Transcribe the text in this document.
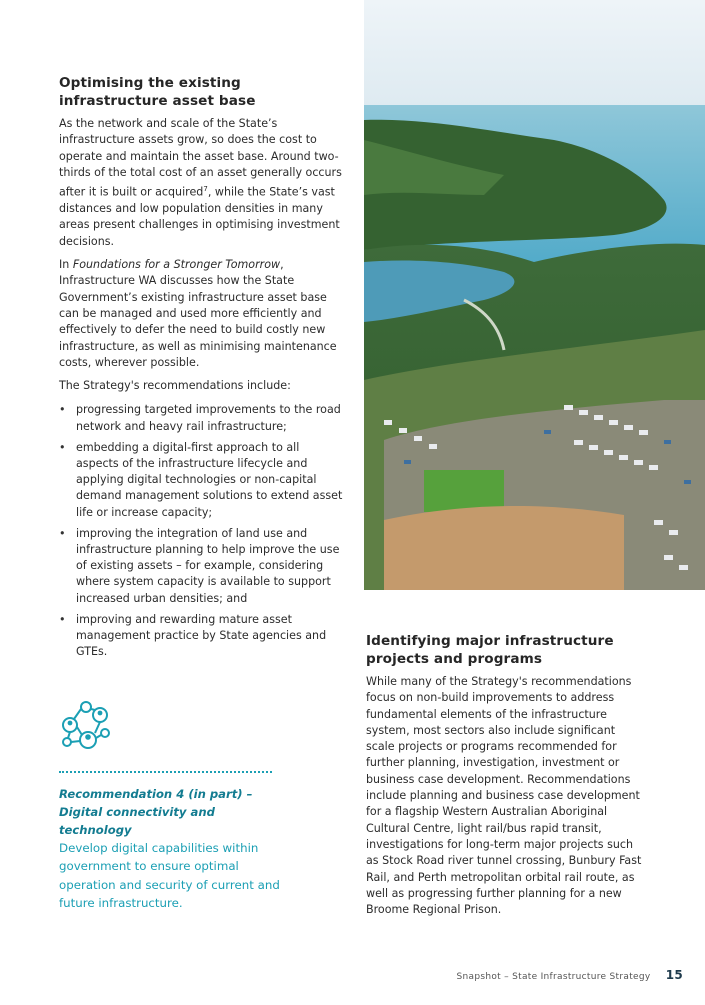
Optimising the existing infrastructure asset base

As the network and scale of the State’s infrastructure assets grow, so does the cost to operate and maintain the asset base. Around two-thirds of the total cost of an asset generally occurs after it is built or acquired$^7$, while the State’s vast distances and low population densities in many areas present challenges in optimising investment decisions.

In Foundations for a Stronger Tomorrow, Infrastructure WA discusses how the State Government’s existing infrastructure asset base can be managed and used more efficiently and effectively to defer the need to build costly new infrastructure, as well as minimising maintenance costs, wherever possible.

The Strategy's recommendations include:

• progressing targeted improvements to the road network and heavy rail infrastructure;
• embedding a digital-first approach to all aspects of the infrastructure lifecycle and applying digital technologies or non-capital demand management solutions to extend asset life or increase capacity;
• improving the integration of land use and infrastructure planning to help improve the use of existing assets – for example, considering where system capacity is available to support increased urban densities; and
• improving and rewarding mature asset management practice by State agencies and GTEs.
Recommendation 4 (in part) –
Digital connectivity and technology
Develop digital capabilities within government to ensure optimal operation and security of current and future infrastructure.
Identifying major infrastructure projects and programs

While many of the Strategy's recommendations focus on non-build improvements to address fundamental elements of the infrastructure system, most sectors also include significant scale projects or programs recommended for further planning, investigation, investment or business case development. Recommendations include planning and business case development for a flagship Western Australian Aboriginal Cultural Centre, light rail/bus rapid transit, investigations for long-term major projects such as Stock Road river tunnel crossing, Bunbury Fast Rail, and Perth metropolitan orbital rail route, as well as progressing further planning for a new Broome Regional Prison.

Snapshot – State Infrastructure Strategy 15
